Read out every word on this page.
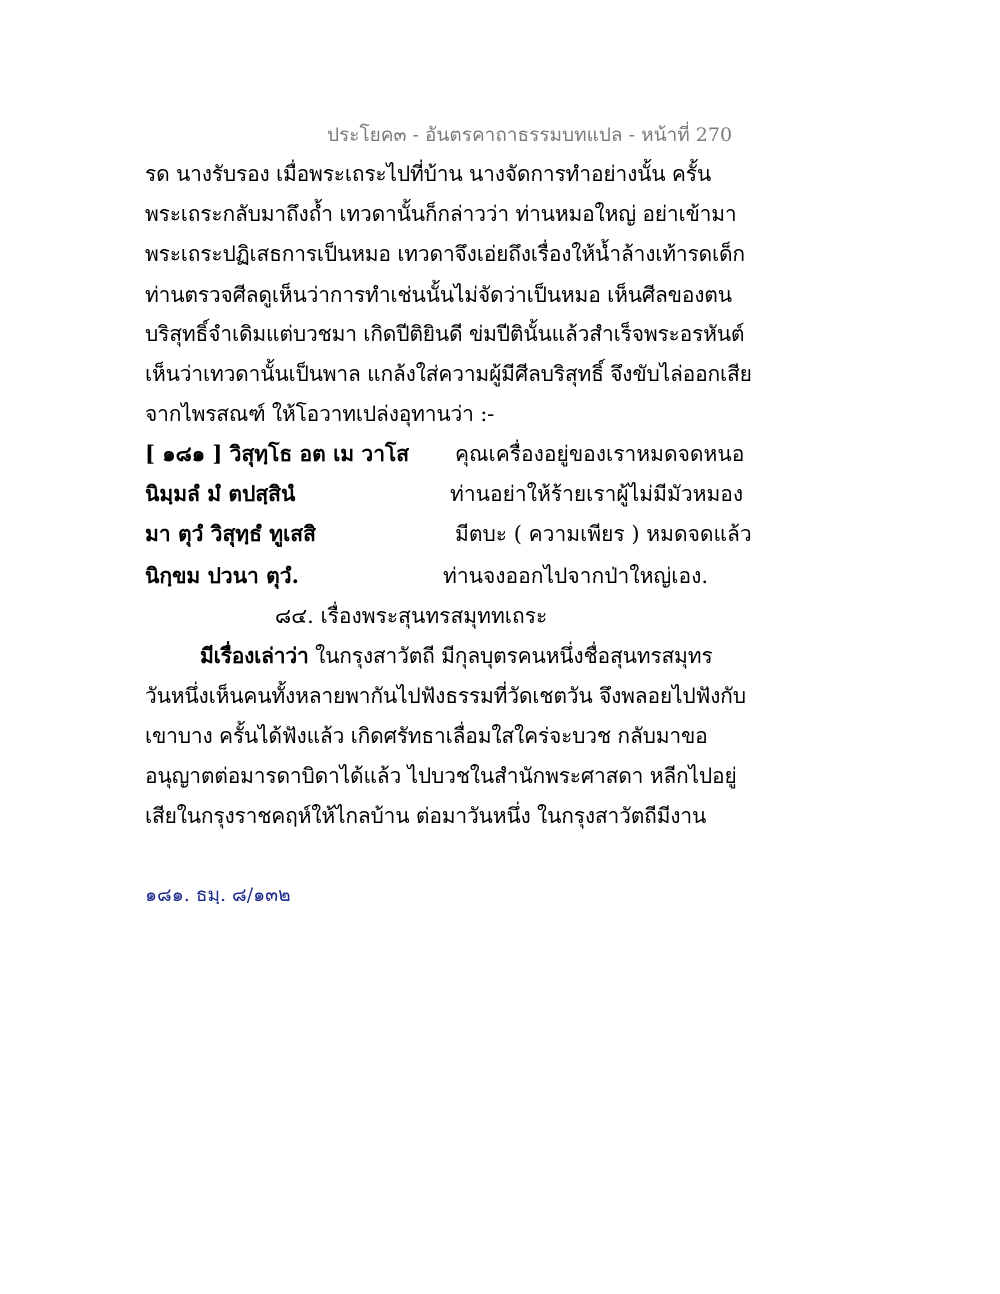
ประโยค๓ - อันตรคาถาธรรมบทแปล - หน้าที่ 270
รด นางรับรอง เมื่อพระเถระไปที่บ้าน นางจัดการทำอย่างนั้น ครั้น
พระเถระกลับมาถึงถ้ำ เทวดานั้นก็กล่าวว่า ท่านหมอใหญ่ อย่าเข้ามา
พระเถระปฏิเสธการเป็นหมอ เทวดาจึงเอ่ยถึงเรื่องให้น้ำล้างเท้ารดเด็ก
ท่านตรวจศีลดูเห็นว่าการทำเช่นนั้นไม่จัดว่าเป็นหมอ เห็นศีลของตน
บริสุทธิ์จำเดิมแต่บวชมา เกิดปีติยินดี ข่มปีตินั้นแล้วสำเร็จพระอรหันต์
เห็นว่าเทวดานั้นเป็นพาล แกล้งใส่ความผู้มีศีลบริสุทธิ์ จึงขับไล่ออกเสีย
จากไพรสณฑ์ ให้โอวาทเปล่งอุทานว่า :-
[ ๑๘๑ ] วิสุทฺโธ อต เม วาโส คุณเครื่องอยู่ของเราหมดจดหนอ
นิมฺมลํ มํ ตปสฺสินํ	ท่านอย่าให้ร้ายเราผู้ไม่มีมัวหมอง
มา ตุวํ วิสุทฺธํ ทูเสสิ	มีตบะ ( ความเพียร ) หมดจดแล้ว
นิกฺขม ปวนา ตุวํ.	ท่านจงออกไปจากป่าใหญ่เอง.
๘๔. เรื่องพระสุนทรสมุททเถระ
มีเรื่องเล่าว่า ในกรุงสาวัตถี มีกุลบุตรคนหนึ่งชื่อสุนทรสมุทร
วันหนึ่งเห็นคนทั้งหลายพากันไปฟังธรรมที่วัดเชตวัน จึงพลอยไปฟังกับ
เขาบาง ครั้นได้ฟังแล้ว เกิดศรัทธาเลื่อมใสใคร่จะบวช กลับมาขอ
อนุญาตต่อมารดาบิดาได้แล้ว ไปบวชในสำนักพระศาสดา หลีกไปอยู่
เสียในกรุงราชคฤห์ให้ไกลบ้าน ต่อมาวันหนึ่ง ในกรุงสาวัตถีมีงาน
๑๘๑. ธมฺ. ๘/๑๓๒
